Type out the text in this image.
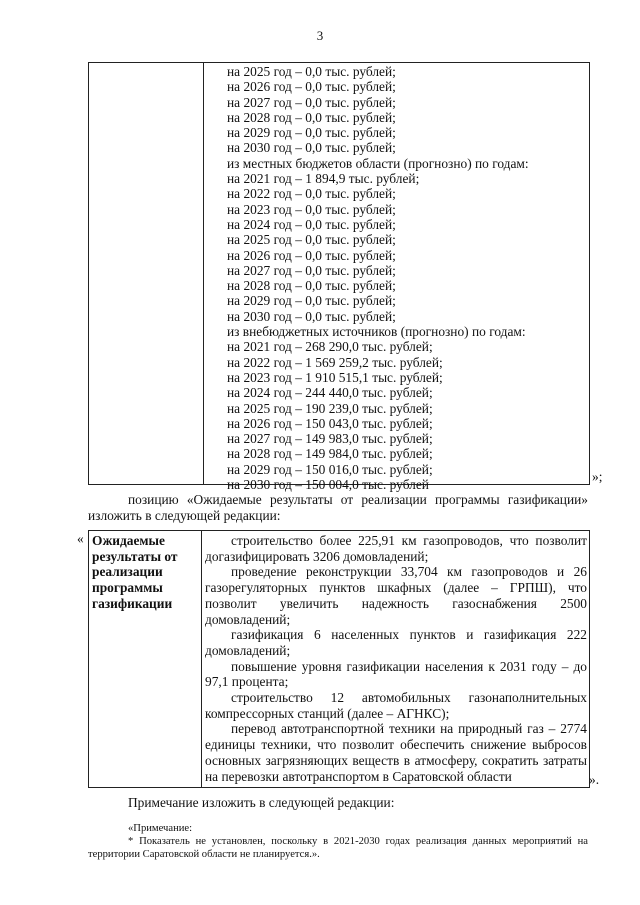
3
на 2025 год – 0,0 тыс. рублей;
на 2026 год – 0,0 тыс. рублей;
на 2027 год – 0,0 тыс. рублей;
на 2028 год – 0,0 тыс. рублей;
на 2029 год – 0,0 тыс. рублей;
на 2030 год – 0,0 тыс. рублей;
из местных бюджетов области (прогнозно) по годам:
на 2021 год – 1 894,9 тыс. рублей;
на 2022 год – 0,0 тыс. рублей;
на 2023 год – 0,0 тыс. рублей;
на 2024 год – 0,0 тыс. рублей;
на 2025 год – 0,0 тыс. рублей;
на 2026 год – 0,0 тыс. рублей;
на 2027 год – 0,0 тыс. рублей;
на 2028 год – 0,0 тыс. рублей;
на 2029 год – 0,0 тыс. рублей;
на 2030 год – 0,0 тыс. рублей;
из внебюджетных источников (прогнозно) по годам:
на 2021 год – 268 290,0 тыс. рублей;
на 2022 год – 1 569 259,2 тыс. рублей;
на 2023 год – 1 910 515,1 тыс. рублей;
на 2024 год – 244 440,0 тыс. рублей;
на 2025 год – 190 239,0 тыс. рублей;
на 2026 год – 150 043,0 тыс. рублей;
на 2027 год – 149 983,0 тыс. рублей;
на 2028 год – 149 984,0 тыс. рублей;
на 2029 год – 150 016,0 тыс. рублей;
на 2030 год – 150 004,0 тыс. рублей
»;

позицию «Ожидаемые результаты от реализации программы газификации» изложить в следующей редакции:

« Ожидаемые результаты от реализации программы газификации

строительство более 225,91 км газопроводов, что позволит догазифицировать 3206 домовладений;

проведение реконструкции 33,704 км газопроводов и 26 газорегуляторных пунктов шкафных (далее – ГРПШ), что позволит увеличить надежность газоснабжения 2500 домовладений;

газификация 6 населенных пунктов и газификация 222 домовладений;

повышение уровня газификации населения к 2031 году – до 97,1 процента;

строительство 12 автомобильных газонаполнительных компрессорных станций (далее – АГНКС);

перевод автотранспортной техники на природный газ – 2774 единицы техники, что позволит обеспечить снижение выбросов основных загрязняющих веществ в атмосферу, сократить затраты на перевозки автотранспортом в Саратовской области	».

Примечание изложить в следующей редакции:

«Примечание:

* Показатель не установлен, поскольку в 2021-2030 годах реализация данных мероприятий на территории Саратовской области не планируется.».
